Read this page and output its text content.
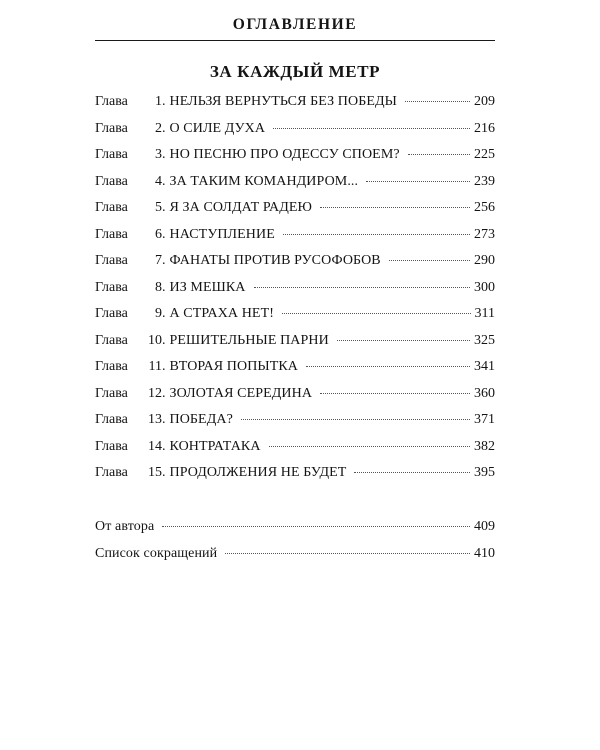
ОГЛАВЛЕНИЕ
ЗА КАЖДЫЙ МЕТР
Глава	1 . НЕЛЬЗЯ ВЕРНУТЬСЯ БЕЗ ПОБЕДЫ	209
Глава	2 . О СИЛЕ ДУХА	216
Глава	3 . НО ПЕСНЮ ПРО ОДЕССУ СПОЕМ?	225
Глава	4 . ЗА ТАКИМ КОМАНДИРОМ...	239
Глава	5 . Я ЗА СОЛДАТ РАДЕЮ	256
Глава	6 . НАСТУПЛЕНИЕ	273
Глава	7 . ФАНАТЫ ПРОТИВ РУСОФОБОВ	290
Глава	8 . ИЗ МЕШКА	300
Глава	9 . А СТРАХА НЕТ!	311
Глава	10 . РЕШИТЕЛЬНЫЕ ПАРНИ	325
Глава	11 . ВТОРАЯ ПОПЫТКА	341
Глава	12 . ЗОЛОТАЯ СЕРЕДИНА	360
Глава	13 . ПОБЕДА?	371
Глава	14 . КОНТРАТАКА	382
Глава	15 . ПРОДОЛЖЕНИЯ НЕ БУДЕТ	395
От автора	409
Список сокращений	410
